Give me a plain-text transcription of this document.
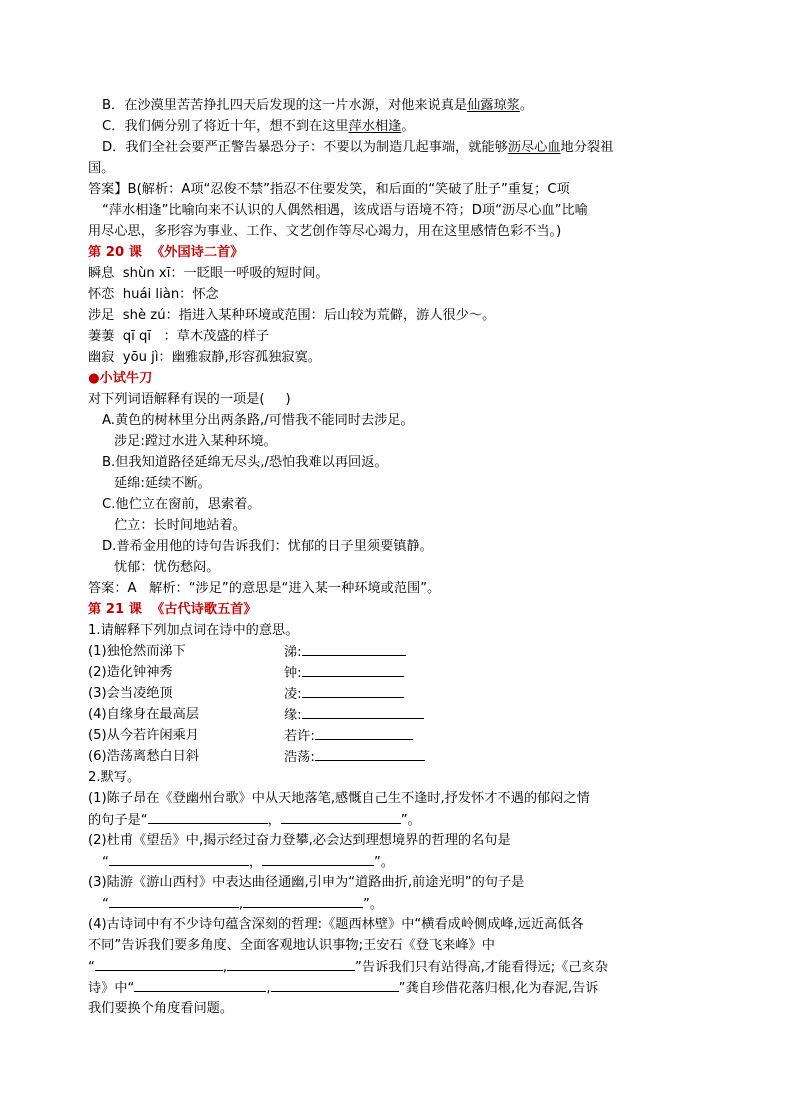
B．在沙漠里苦苦挣扎四天后发现的这一片水源，对他来说真是仙露琼浆。
C．我们俩分别了将近十年，想不到在这里萍水相逢。
D．我们全社会要严正警告暴恐分子：不要以为制造几起事端，就能够沥尽心血地分裂祖
国。
答案】B(解析：A项“忍俊不禁”指忍不住要发笑，和后面的“笑破了肚子”重复；C项
“萍水相逢”比喻向来不认识的人偶然相遇，该成语与语境不符；D项“沥尽心血”比喻
用尽心思，多形容为事业、工作、文艺创作等尽心竭力，用在这里感情色彩不当。)
第 20 课  《外国诗二首》
瞬息  shùn xī：一眨眼一呼吸的短时间。
怀恋  huái liàn：怀念
涉足  shè zú：指进入某种环境或范围：后山较为荒僻，游人很少～。
萋萋  qī qī   ：草木茂盛的样子
幽寂  yōu jì：幽雅寂静,形容孤独寂寞。
●小试牛刀
对下列词语解释有误的一项是(     )
A.黄色的树林里分出两条路,/可惜我不能同时去涉足。
涉足:蹚过水进入某种环境。
B.但我知道路径延绵无尽头,/恐怕我难以再回返。
延绵:延续不断。
C.他伫立在窗前，思索着。
伫立：长时间地站着。
D.普希金用他的诗句告诉我们：忧郁的日子里须要镇静。
忧郁：忧伤愁闷。
答案：A   解析：“涉足”的意思是“进入某一种环境或范围”。
第 21 课  《古代诗歌五首》
1.请解释下列加点词在诗中的意思。
(1)独怆然而涕下	涕:
(2)造化钟神秀	钟:
(3)会当凌绝顶	凌:
(4)自缘身在最高层	缘:
(5)从今若许闲乘月	若许:
(6)浩荡离愁白日斜	浩荡:
2.默写。
(1)陈子昂在《登幽州台歌》中从天地落笔,感慨自己生不逢时,抒发怀才不遇的郁闷之情
的句子是“	，	”。
(2)杜甫《望岳》中,揭示经过奋力登攀,必会达到理想境界的哲理的名句是
“	，	”。
(3)陆游《游山西村》中表达曲径通幽,引申为“道路曲折,前途光明”的句子是
“	,	”。
(4)古诗词中有不少诗句蕴含深刻的哲理:《题西林壁》中“横看成岭侧成峰,远近高低各
不同”告诉我们要多角度、全面客观地认识事物;王安石《登飞来峰》中
“	,	”告诉我们只有站得高,才能看得远;《己亥杂
诗》中“	,	”龚自珍借花落归根,化为春泥,告诉
我们要换个角度看问题。
